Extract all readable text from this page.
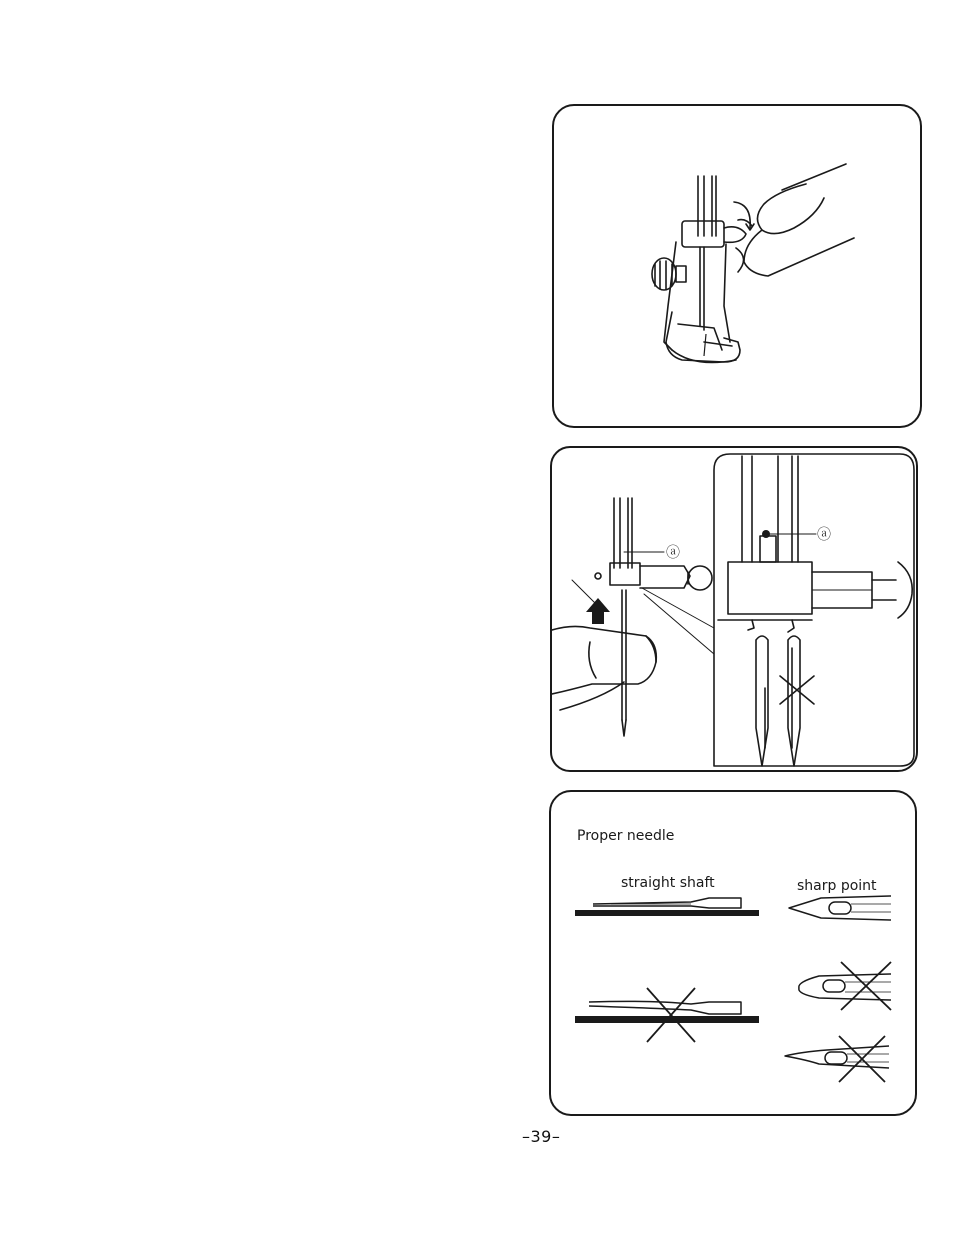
ⓐ
ⓐ
Proper needle
straight shaft	sharp point
–39–
